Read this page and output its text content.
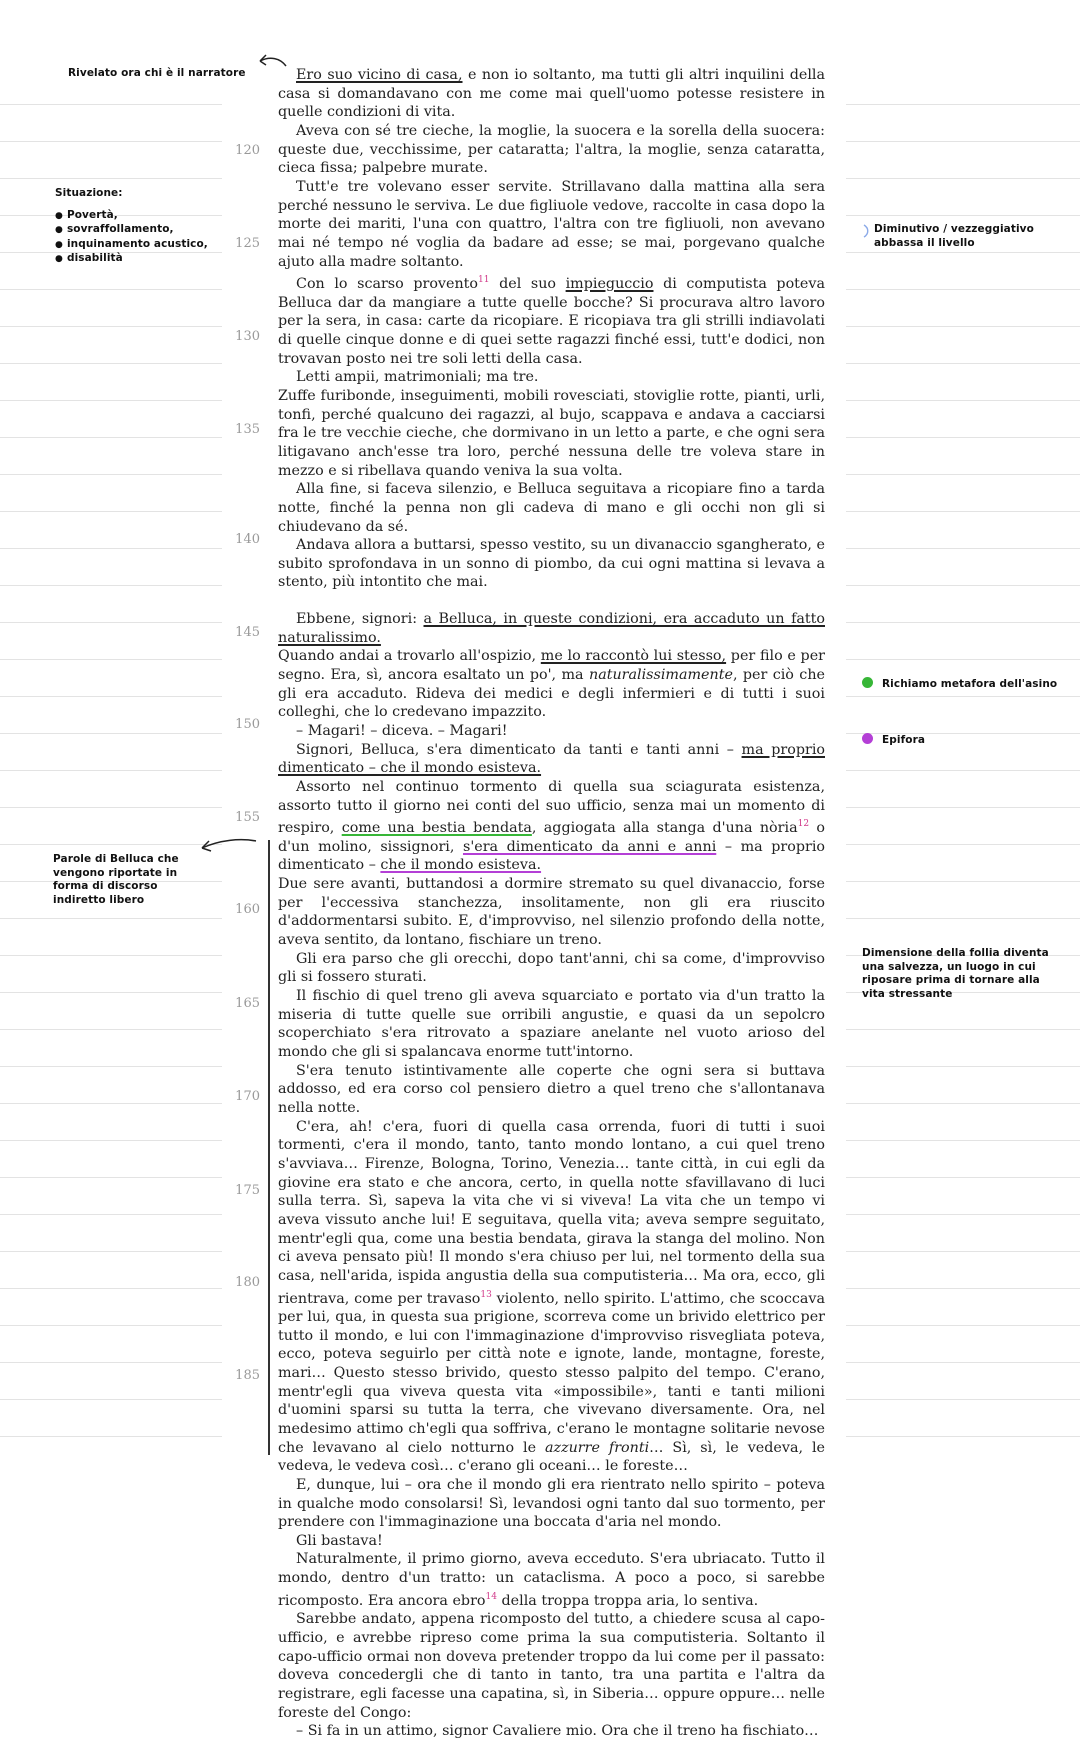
Rivelato ora chi è il narratore
Situazione:
● Povertà,
● sovraffollamento,
● inquinamento acustico,
● disabilità
Parole di Belluca che vengono riportate in forma di discorso indiretto libero
Diminutivo / vezzeggiativo abbassa il livello
Richiamo metafora dell'asino
Epifora
Dimensione della follia diventa una salvezza, un luogo in cui riposare prima di tornare alla vita stressante
120
125
130
135
140
145
150
155
160
165
170
175
180
185

Ero suo vicino di casa, e non io soltanto, ma tutti gli altri inquilini della casa si domandavano con me come mai quell'uomo potesse resistere in quelle condizioni di vita.

Aveva con sé tre cieche, la moglie, la suocera e la sorella della suocera: queste due, vecchissime, per cataratta; l'altra, la moglie, senza cataratta, cieca fissa; palpebre murate.

Tutt'e tre volevano esser servite. Strillavano dalla mattina alla sera perché nessuno le serviva. Le due figliuole vedove, raccolte in casa dopo la morte dei mariti, l'una con quattro, l'altra con tre figliuoli, non avevano mai né tempo né voglia da badare ad esse; se mai, porgevano qualche ajuto alla madre soltanto.

Con lo scarso provento$^{11}$ del suo impieguccio di computista poteva Belluca dar da mangiare a tutte quelle bocche? Si procurava altro lavoro per la sera, in casa: carte da ricopiare. E ricopiava tra gli strilli indiavolati di quelle cinque donne e di quei sette ragazzi finché essi, tutt'e dodici, non trovavan posto nei tre soli letti della casa.

Letti ampii, matrimoniali; ma tre.

Zuffe furibonde, inseguimenti, mobili rovesciati, stoviglie rotte, pianti, urli, tonfi, perché qualcuno dei ragazzi, al bujo, scappava e andava a cacciarsi fra le tre vecchie cieche, che dormivano in un letto a parte, e che ogni sera litigavano anch'esse tra loro, perché nessuna delle tre voleva stare in mezzo e si ribellava quando veniva la sua volta.

Alla fine, si faceva silenzio, e Belluca seguitava a ricopiare fino a tarda notte, finché la penna non gli cadeva di mano e gli occhi non gli si chiudevano da sé.

Andava allora a buttarsi, spesso vestito, su un divanaccio sgangherato, e subito sprofondava in un sonno di piombo, da cui ogni mattina si levava a stento, più intontito che mai.

Ebbene, signori: a Belluca, in queste condizioni, era accaduto un fatto naturalissimo.

Quando andai a trovarlo all'ospizio, me lo raccontò lui stesso, per filo e per segno. Era, sì, ancora esaltato un po', ma naturalissimamente, per ciò che gli era accaduto. Rideva dei medici e degli infermieri e di tutti i suoi colleghi, che lo credevano impazzito.

– Magari! – diceva. – Magari!

Signori, Belluca, s'era dimenticato da tanti e tanti anni – ma proprio dimenticato – che il mondo esisteva.

Assorto nel continuo tormento di quella sua sciagurata esistenza, assorto tutto il giorno nei conti del suo ufficio, senza mai un momento di respiro, come una bestia bendata, aggiogata alla stanga d'una nòria$^{12}$ o d'un molino, sissignori, s'era dimenticato da anni e anni – ma proprio dimenticato – che il mondo esisteva.

Due sere avanti, buttandosi a dormire stremato su quel divanaccio, forse per l'eccessiva stanchezza, insolitamente, non gli era riuscito d'addormentarsi subito. E, d'improvviso, nel silenzio profondo della notte, aveva sentito, da lontano, fischiare un treno.

Gli era parso che gli orecchi, dopo tant'anni, chi sa come, d'improvviso gli si fossero sturati.

Il fischio di quel treno gli aveva squarciato e portato via d'un tratto la miseria di tutte quelle sue orribili angustie, e quasi da un sepolcro scoperchiato s'era ritrovato a spaziare anelante nel vuoto arioso del mondo che gli si spalancava enorme tutt'intorno.

S'era tenuto istintivamente alle coperte che ogni sera si buttava addosso, ed era corso col pensiero dietro a quel treno che s'allontanava nella notte.

C'era, ah! c'era, fuori di quella casa orrenda, fuori di tutti i suoi tormenti, c'era il mondo, tanto, tanto mondo lontano, a cui quel treno s'avviava… Firenze, Bologna, Torino, Venezia… tante città, in cui egli da giovine era stato e che ancora, certo, in quella notte sfavillavano di luci sulla terra. Sì, sapeva la vita che vi si viveva! La vita che un tempo vi aveva vissuto anche lui! E seguitava, quella vita; aveva sempre seguitato, mentr'egli qua, come una bestia bendata, girava la stanga del molino. Non ci aveva pensato più! Il mondo s'era chiuso per lui, nel tormento della sua casa, nell'arida, ispida angustia della sua computisteria… Ma ora, ecco, gli rientrava, come per travaso$^{13}$ violento, nello spirito. L'attimo, che scoccava per lui, qua, in questa sua prigione, scorreva come un brivido elettrico per tutto il mondo, e lui con l'immaginazione d'improvviso risvegliata poteva, ecco, poteva seguirlo per città note e ignote, lande, montagne, foreste, mari… Questo stesso brivido, questo stesso palpito del tempo. C'erano, mentr'egli qua viveva questa vita «impossibile», tanti e tanti milioni d'uomini sparsi su tutta la terra, che vivevano diversamente. Ora, nel medesimo attimo ch'egli qua soffriva, c'erano le montagne solitarie nevose che levavano al cielo notturno le azzurre fronti… Sì, sì, le vedeva, le vedeva, le vedeva così… c'erano gli oceani… le foreste…

E, dunque, lui – ora che il mondo gli era rientrato nello spirito – poteva in qualche modo consolarsi! Sì, levandosi ogni tanto dal suo tormento, per prendere con l'immaginazione una boccata d'aria nel mondo.

Gli bastava!

Naturalmente, il primo giorno, aveva ecceduto. S'era ubriacato. Tutto il mondo, dentro d'un tratto: un cataclisma. A poco a poco, si sarebbe ricomposto. Era ancora ebro$^{14}$ della troppa troppa aria, lo sentiva.

Sarebbe andato, appena ricomposto del tutto, a chiedere scusa al capo-ufficio, e avrebbe ripreso come prima la sua computisteria. Soltanto il capo-ufficio ormai non doveva pretender troppo da lui come per il passato: doveva concedergli che di tanto in tanto, tra una partita e l'altra da registrare, egli facesse una capatina, sì, in Siberia… oppure oppure… nelle foreste del Congo:

– Si fa in un attimo, signor Cavaliere mio. Ora che il treno ha fischiato…
